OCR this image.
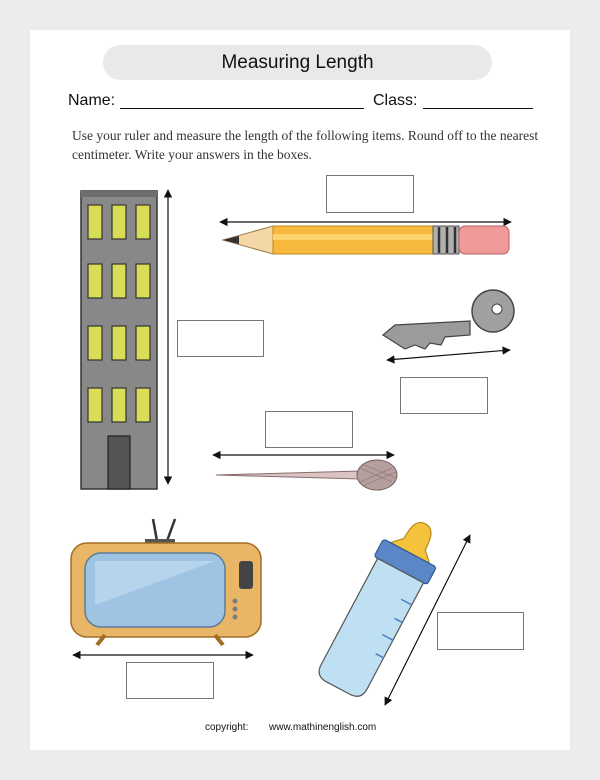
Measuring Length
Name:	Class:
Use your ruler and measure the length of the following items. Round off to the nearest centimeter. Write your answers in the boxes.
copyright: www.mathinenglish.com
